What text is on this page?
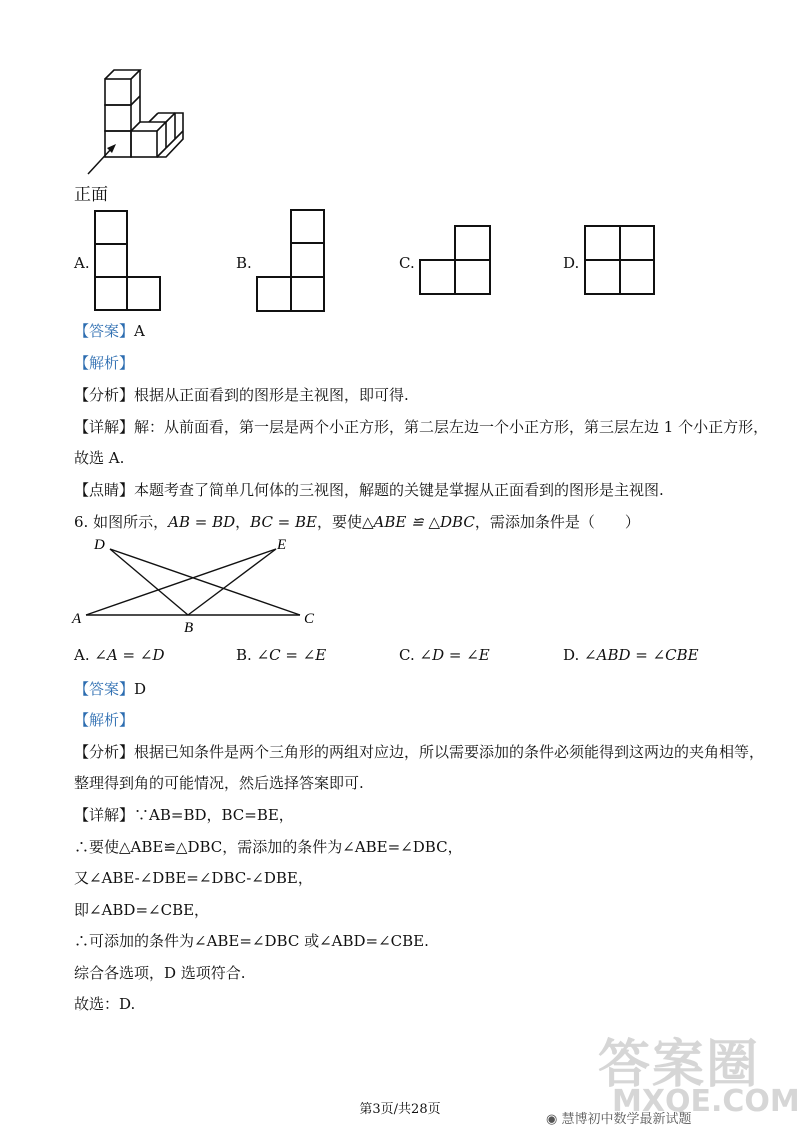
正面
A.	B.	C.	D.
【答案】A
【解析】
【分析】根据从正面看到的图形是主视图，即可得.
【详解】解：从前面看，第一层是两个小正方形，第二层左边一个小正方形，第三层左边 1 个小正方形，
故选 A.
【点睛】本题考查了简单几何体的三视图，解题的关键是掌握从正面看到的图形是主视图.
6. 如图所示，AB = BD，BC = BE，要使△ABE ≌ △DBC，需添加条件是（　　）
D	E
A
B
C
A. ∠A = ∠D	B. ∠C = ∠E	C. ∠D = ∠E	D. ∠ABD = ∠CBE
【答案】D
【解析】
【分析】根据已知条件是两个三角形的两组对应边，所以需要添加的条件必须能得到这两边的夹角相等，
整理得到角的可能情况，然后选择答案即可.
【详解】∵AB=BD，BC=BE，
∴要使△ABE≌△DBC，需添加的条件为∠ABE=∠DBC，
又∠ABE-∠DBE=∠DBC-∠DBE，
即∠ABD=∠CBE，
∴可添加的条件为∠ABE=∠DBC 或∠ABD=∠CBE.
综合各选项，D 选项符合.
故选：D.
答案圈
MXQE.COM
◉ 慧博初中数学最新试题
第3页/共28页
